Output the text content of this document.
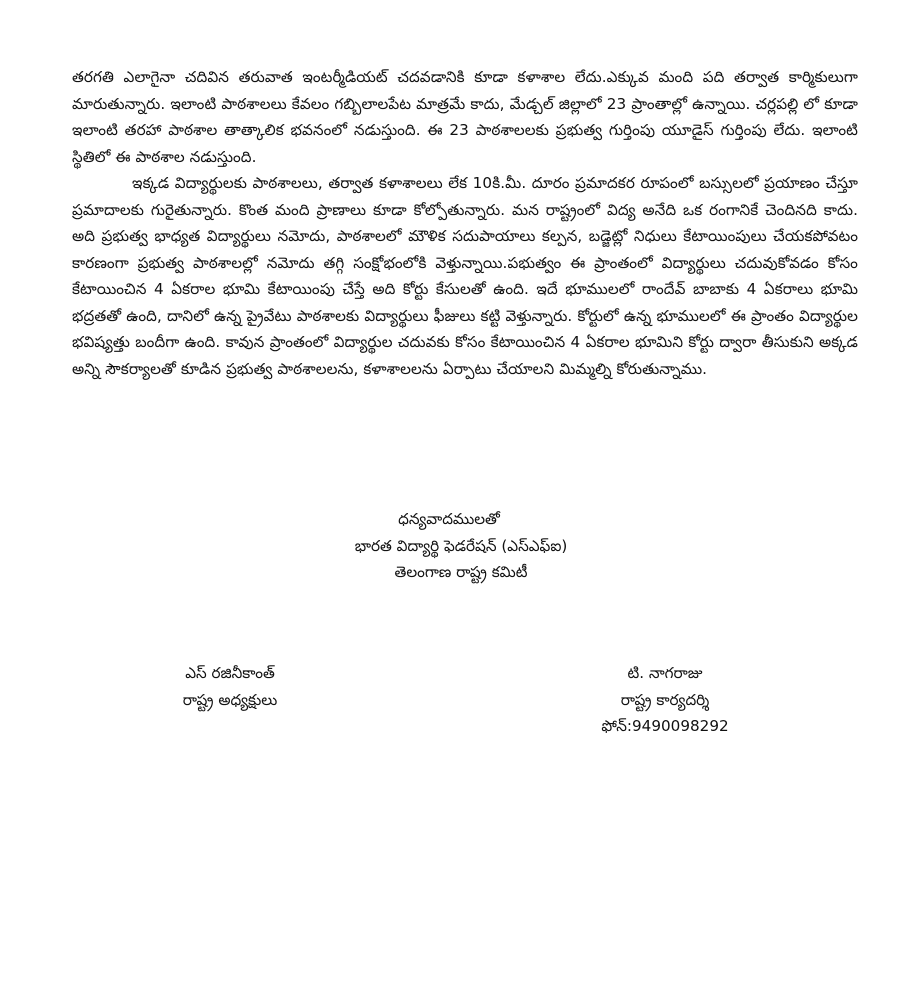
తరగతి ఎలాగైనా చదివిన తరువాత ఇంటర్మీడియట్ చదవడానికి కూడా కళాశాల లేదు.ఎక్కువ మంది పది తర్వాత కార్మికులుగా మారుతున్నారు. ఇలాంటి పాఠశాలలు కేవలం గబ్బిలాలపేట మాత్రమే కాదు, మేడ్చల్ జిల్లాలో 23 ప్రాంతాల్లో ఉన్నాయి. చర్లపల్లి లో కూడా ఇలాంటి తరహా పాఠశాల తాత్కాలిక భవనంలో నడుస్తుంది. ఈ 23 పాఠశాలలకు ప్రభుత్వ గుర్తింపు యూడైస్ గుర్తింపు లేదు. ఇలాంటి స్థితిలో ఈ పాఠశాల నడుస్తుంది.

ఇక్కడ విద్యార్థులకు పాఠశాలలు, తర్వాత కళాశాలలు లేక 10కి.మీ. దూరం ప్రమాదకర రూపంలో బస్సులలో ప్రయాణం చేస్తూ ప్రమాదాలకు గురైతున్నారు. కొంత మంది ప్రాణాలు కూడా కోల్పోతున్నారు. మన రాష్ట్రంలో విద్య అనేది ఒక రంగానికే చెందినది కాదు. అది ప్రభుత్వ భాధ్యత విద్యార్థులు నమోదు, పాఠశాలలో మౌళిక సదుపాయాలు కల్పన, బడ్జెట్లో నిధులు కేటాయింపులు చేయకపోవటం కారణంగా ప్రభుత్వ పాఠశాలల్లో నమోదు తగ్గి సంక్షోభంలోకి వెళ్తున్నాయి.పభుత్వం ఈ ప్రాంతంలో విద్యార్థులు చదువుకోవడం కోసం కేటాయించిన 4 ఏకరాల భూమి కేటాయింపు చేస్తే అది కోర్టు కేసులతో ఉంది. ఇదే భూములలో రాందేవ్ బాబాకు 4 ఏకరాలు భూమి భద్రతతో ఉంది, దానిలో ఉన్న ప్రైవేటు పాఠశాలకు విద్యార్థులు ఫీజులు కట్టి వెళ్తున్నారు. కోర్టులో ఉన్న భూములలో ఈ ప్రాంతం విద్యార్థుల భవిష్యత్తు బందీగా ఉంది. కావున ప్రాంతంలో విద్యార్థుల చదువకు కోసం కేటాయించిన 4 ఏకరాల భూమిని కోర్టు ద్వారా తీసుకుని అక్కడ అన్ని సౌకర్యాలతో కూడిన ప్రభుత్వ పాఠశాలలను, కళాశాలలను ఏర్పాటు చేయాలని మిమ్మల్ని కోరుతున్నాము.

ధన్యవాదములతో
భారత విద్యార్థి ఫెడరేషన్ (ఎస్ఎఫ్ఐ)
తెలంగాణ రాష్ట్ర కమిటీ
ఎస్ రజినీకాంత్
రాష్ట్ర అధ్యక్షులు
టి. నాగరాజు
రాష్ట్ర కార్యదర్శి
ఫోన్:9490098292
